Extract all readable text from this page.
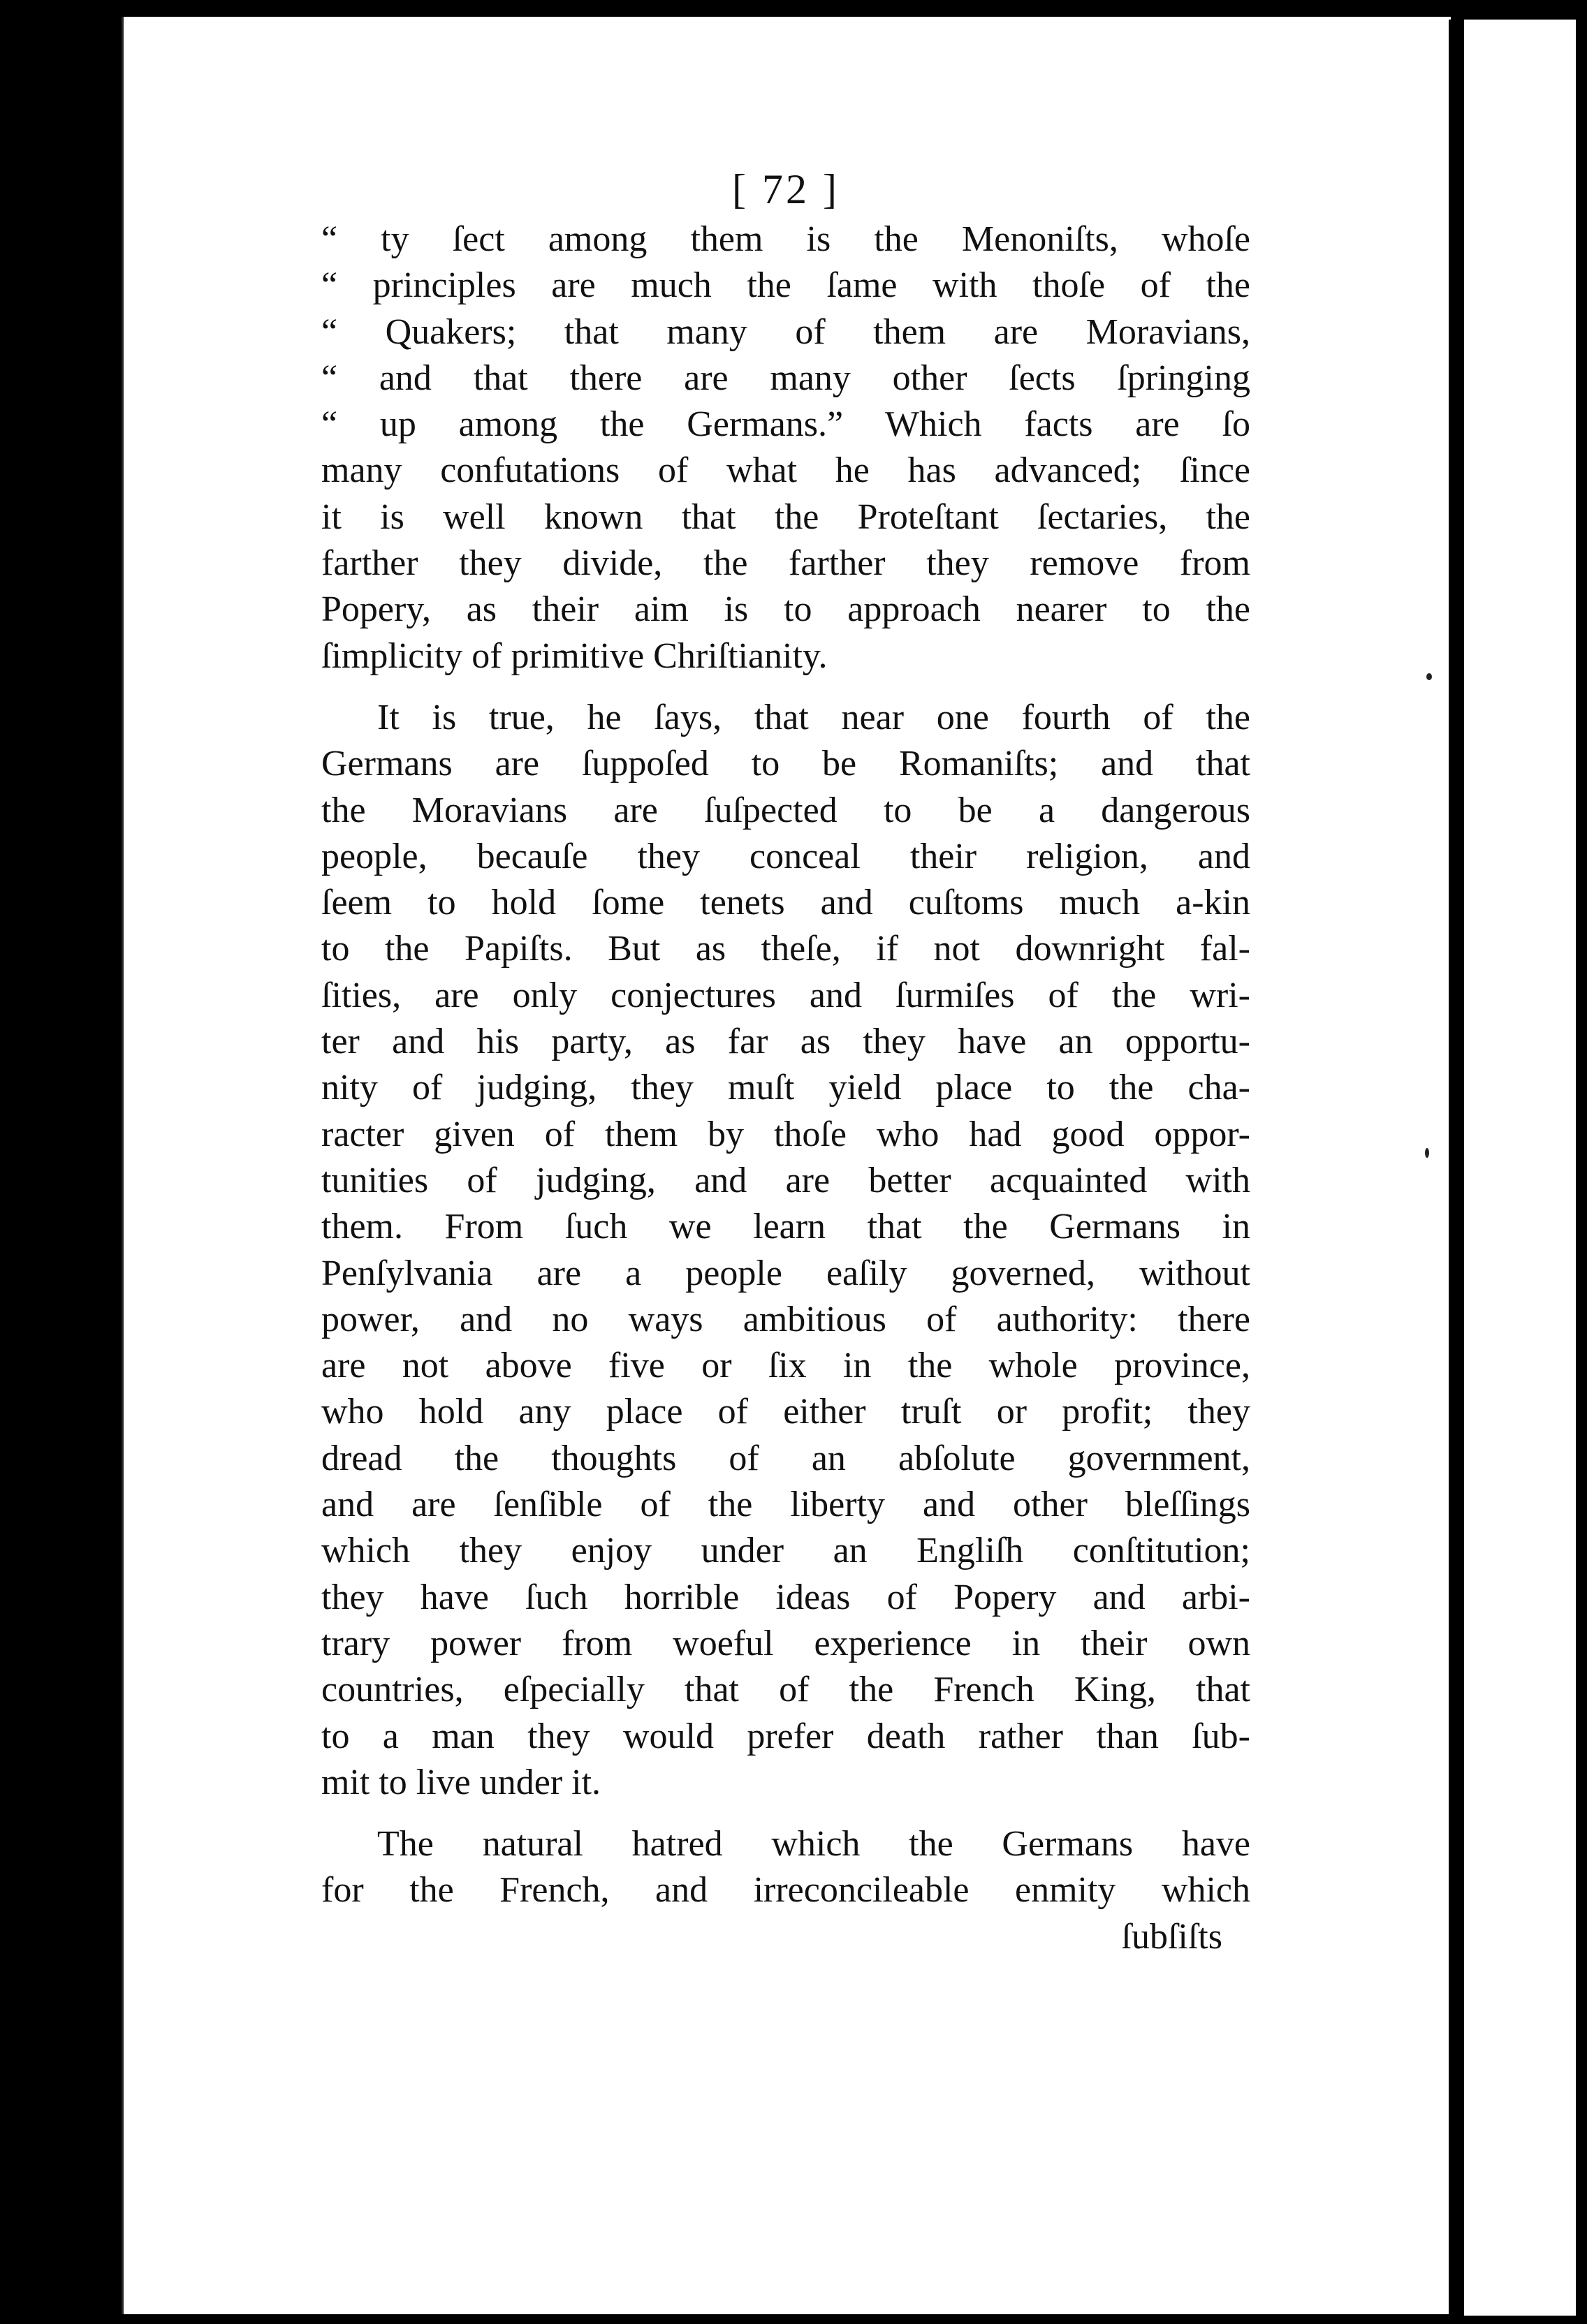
[ 72 ]
“ ty ſect among them is the Menoniſts, whoſe
“ principles are much the ſame with thoſe of the
“ Quakers; that many of them are Moravians,
“ and that there are many other ſects ſpringing
“ up among the Germans.” Which facts are ſo
many confutations of what he has advanced; ſince
it is well known that the Proteſtant ſectaries, the
farther they divide, the farther they remove from
Popery, as their aim is to approach nearer to the
ſimplicity of primitive Chriſtianity.
It is true, he ſays, that near one fourth of the
Germans are ſuppoſed to be Romaniſts; and that
the Moravians are ſuſpected to be a dangerous
people, becauſe they conceal their religion, and
ſeem to hold ſome tenets and cuſtoms much a-kin
to the Papiſts. But as theſe, if not downright fal-
ſities, are only conjectures and ſurmiſes of the wri-
ter and his party, as far as they have an opportu-
nity of judging, they muſt yield place to the cha-
racter given of them by thoſe who had good oppor-
tunities of judging, and are better acquainted with
them. From ſuch we learn that the Germans in
Penſylvania are a people eaſily governed, without
power, and no ways ambitious of authority: there
are not above five or ſix in the whole province,
who hold any place of either truſt or profit; they
dread the thoughts of an abſolute government,
and are ſenſible of the liberty and other bleſſings
which they enjoy under an Engliſh conſtitution;
they have ſuch horrible ideas of Popery and arbi-
trary power from woeful experience in their own
countries, eſpecially that of the French King, that
to a man they would prefer death rather than ſub-
mit to live under it.
The natural hatred which the Germans have
for the French, and irreconcileable enmity which
ſubſiſts
